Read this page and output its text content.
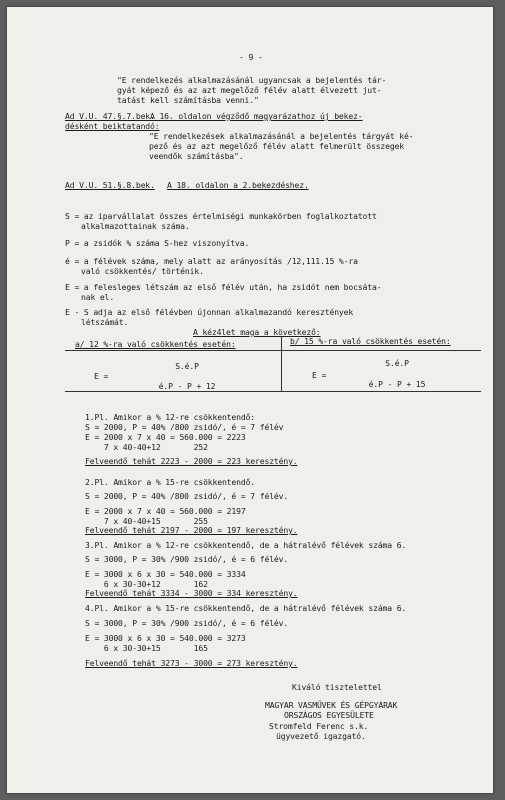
- 9 -
"E rendelkezés alkalmazásánál ugyancsak a bejelentés tár-
gyát képező és az azt megelőző félév alatt élvezett jut-
tatást kell számításba venni."
Ad V.U. 47.§.7.bek.
A 16. oldalon végződő magyarázathoz új bekez-
désként beiktatandó:
"E rendelkezések alkalmazásánál a bejelentés tárgyát ké-
pező és az azt megelőző félév alatt felmerült összegek
veendők számításba".
Ad V.U. 51.§.8.bek. A 18. oldalon a 2.bekezdéshez.
S = az iparvállalat összes értelmiségi munkakörben foglalkoztatott
alkalmazottainak száma.
P = a zsidók % száma S-hez viszonyítva.
é = a félévek száma, mely alatt az arányosítás /12,111.15 %-ra
való csökkentés/ történik.
E = a felesleges létszám az első félév után, ha zsidót nem bocsáta-
nak el.
E - S adja az első félévben újonnan alkalmazandó keresztények
létszámát.
A kéz4let maga a következő:
a/ 12 %-ra való csökkentés esetén:	b/ 15 %-ra való csökkentés esetén:
S.é.P
E =
é.P - P + 12
S.é.P
E =
é.P - P + 15
1.Pl. Amikor a % 12-re csökkentendő:
S = 2000, P = 40% /800 zsidó/, é = 7 félév
E = 2000 x 7 x 40 = 560.000 = 2223
7 x 40-40+12       252
Felveendő tehát 2223 - 2000 = 223 keresztény.
2.Pl. Amikor a % 15-re csökkentendő.
S = 2000, P = 40% /800 zsidó/, é = 7 félév.
E = 2000 x 7 x 40 = 560.000 = 2197
7 x 40-40+15       255
Felveendő tehát 2197 - 2000 = 197 keresztény.
3.Pl. Amikor a % 12-re csökkentendő, de a hátralévő félévek száma 6.
S = 3000, P = 30% /900 zsidó/, é = 6 félév.
E = 3000 x 6 x 30 = 540.000 = 3334
6 x 30-30+12       162
Felveendő tehát 3334 - 3000 = 334 keresztény.
4.Pl. Amikor a % 15-re csökkentendő, de a hátralévő félévek száma 6.
S = 3000, P = 30% /900 zsidó/, é = 6 félév.
E = 3000 x 6 x 30 = 540.000 = 3273
6 x 30-30+15       165
Felveendő tehát 3273 - 3000 = 273 keresztény.
Kiváló tisztelettel
MAGYAR VASMŰVEK ÉS GÉPGYÁRAK
ORSZÁGOS EGYESÜLETE
Stromfeld Ferenc s.k.
ügyvezető igazgató.
